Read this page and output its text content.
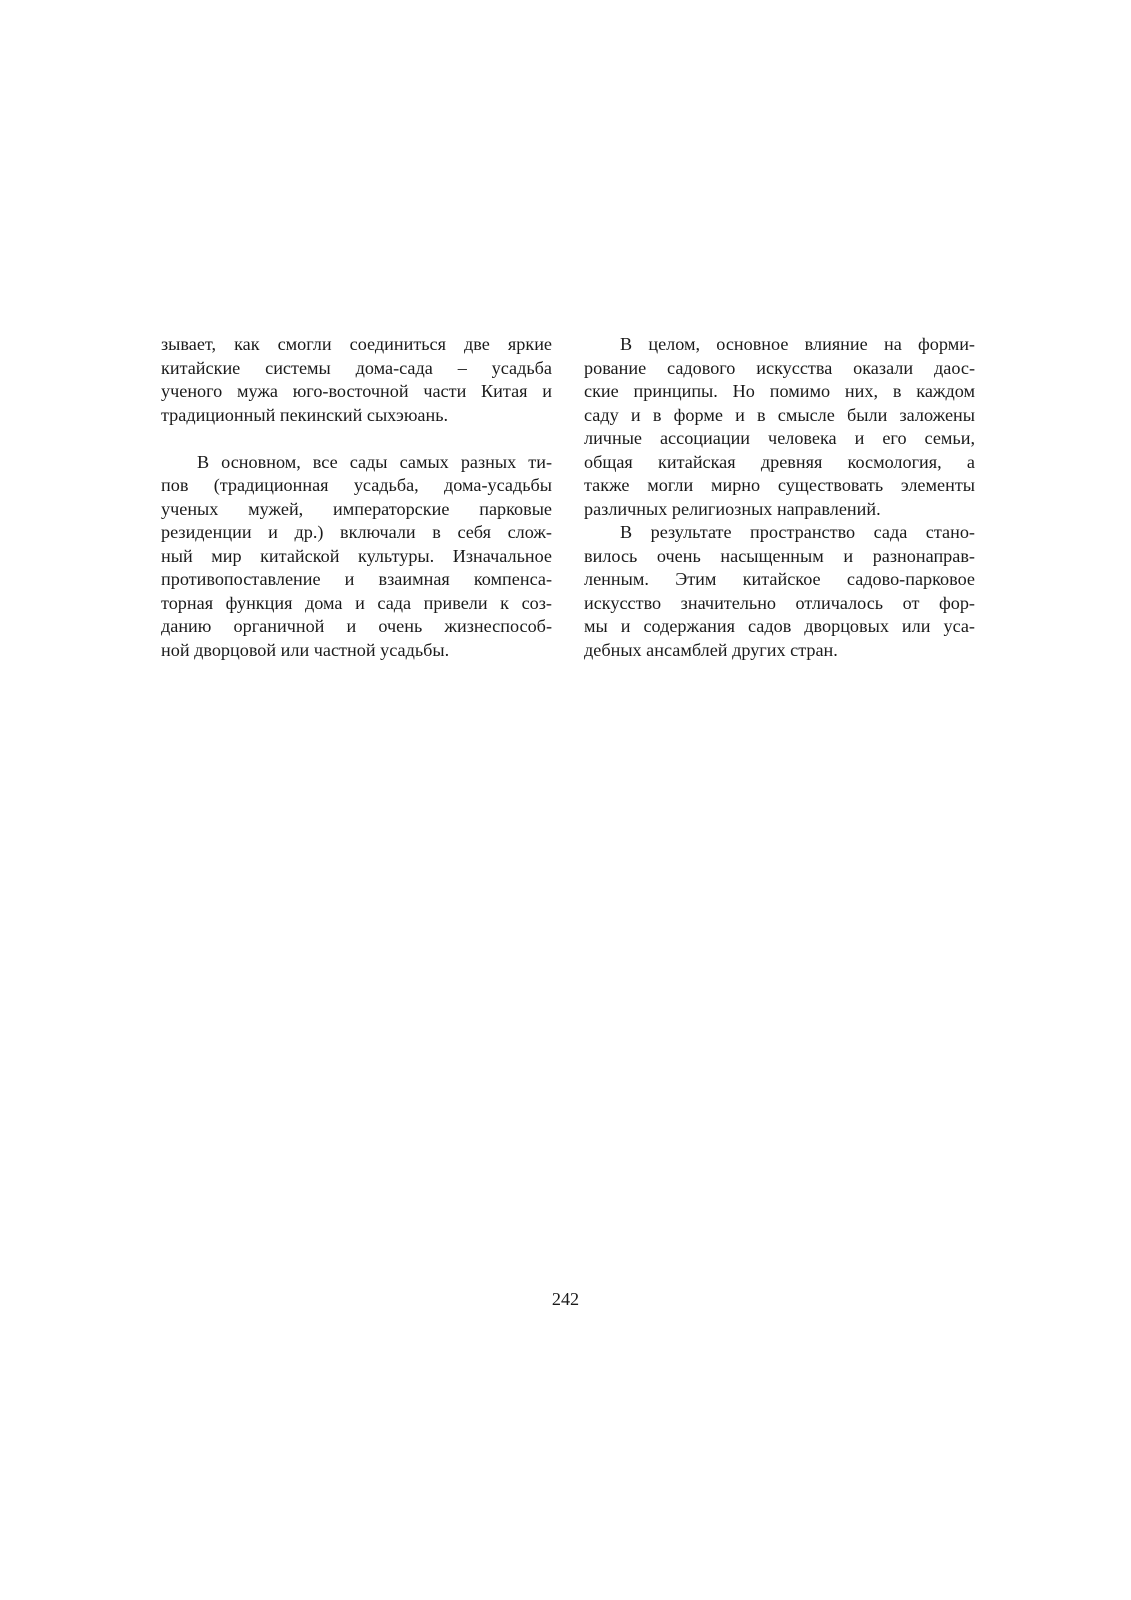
зывает, как смогли соединиться две яркие
китайские системы дома-сада – усадьба
ученого мужа юго-восточной части Китая и
традиционный пекинский сыхэюань.
В основном, все сады самых разных ти-
пов (традиционная усадьба, дома-усадьбы
ученых мужей, императорские парковые
резиденции и др.) включали в себя слож-
ный мир китайской культуры. Изначальное
противопоставление и взаимная компенса-
торная функция дома и сада привели к соз-
данию органичной и очень жизнеспособ-
ной дворцовой или частной усадьбы.
В целом, основное влияние на форми-
рование садового искусства оказали даос-
ские принципы. Но помимо них, в каждом
саду и в форме и в смысле были заложены
личные ассоциации человека и его семьи,
общая китайская древняя космология, а
также могли мирно существовать элементы
различных религиозных направлений.
В результате пространство сада стано-
вилось очень насыщенным и разнонаправ-
ленным. Этим китайское садово-парковое
искусство значительно отличалось от фор-
мы и содержания садов дворцовых или уса-
дебных ансамблей других стран.
242
